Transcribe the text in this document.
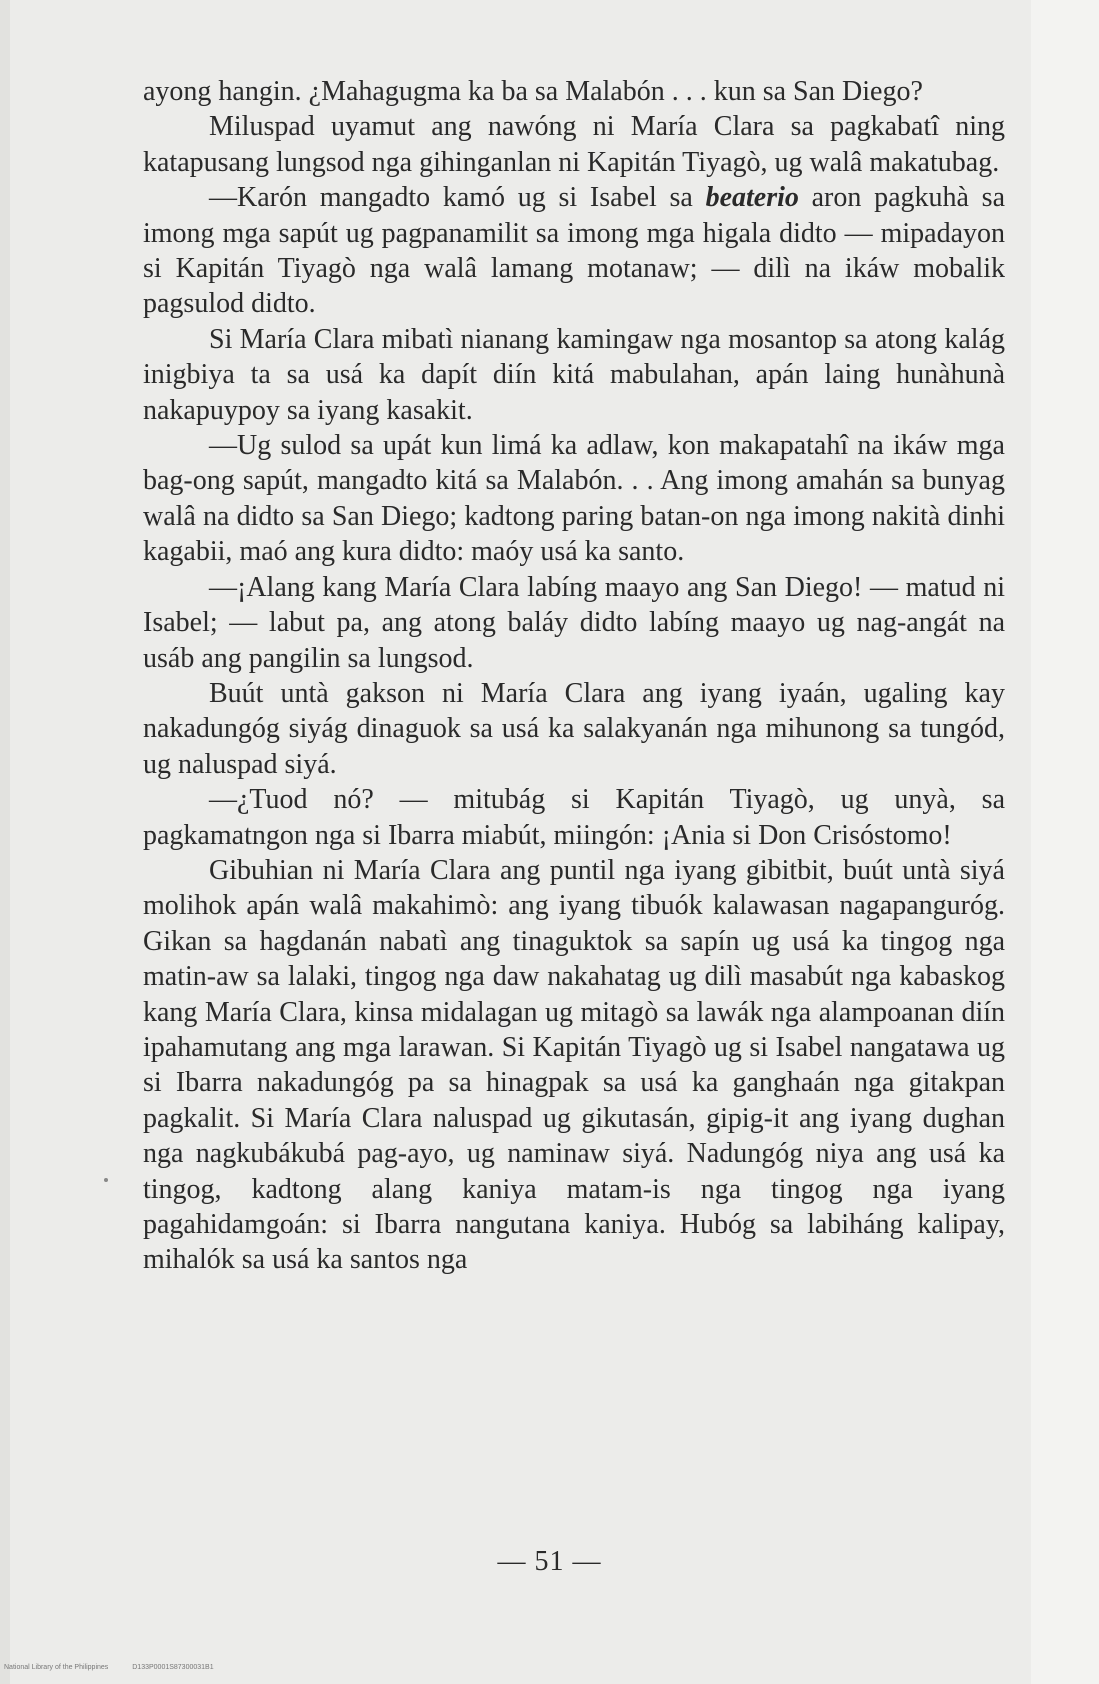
ayong hangin. ¿Mahagugma ka ba sa Malabón . . . kun sa San Diego?

Miluspad uyamut ang nawóng ni María Clara sa pagkabatî ning katapusang lungsod nga gihinganlan ni Kapitán Tiyagò, ug walâ makatubag.

—Karón mangadto kamó ug si Isabel sa beaterio aron pagkuhà sa imong mga sapút ug pagpanamilit sa imong mga higala didto — mipadayon si Kapitán Tiyagò nga walâ lamang motanaw; — dilì na ikáw mobalik pagsulod didto.

Si María Clara mibatì nianang kamingaw nga mosantop sa atong kalág inigbiya ta sa usá ka dapít diín kitá mabulahan, apán laing hunàhunà nakapuypoy sa iyang kasakit.

—Ug sulod sa upát kun limá ka adlaw, kon makapatahî na ikáw mga bag-ong sapút, mangadto kitá sa Malabón. . . Ang imong amahán sa bunyag walâ na didto sa San Diego; kadtong paring batan-on nga imong nakità dinhi kagabii, maó ang kura didto: maóy usá ka santo.

—¡Alang kang María Clara labíng maayo ang San Diego! — matud ni Isabel; — labut pa, ang atong baláy didto labíng maayo ug nag-angát na usáb ang pangilin sa lungsod.

Buút untà gakson ni María Clara ang iyang iyaán, ugaling kay nakadungóg siyág dinaguok sa usá ka salakyanán nga mihunong sa tungód, ug naluspad siyá.

—¿Tuod nó? — mitubág si Kapitán Tiyagò, ug unyà, sa pagkamatngon nga si Ibarra miabút, miingón: ¡Ania si Don Crisóstomo!

Gibuhian ni María Clara ang puntil nga iyang gibitbit, buút untà siyá molihok apán walâ makahimò: ang iyang tibuók kalawasan nagapanguróg. Gikan sa hagdanán nabatì ang tinaguktok sa sapín ug usá ka tingog nga matin-aw sa lalaki, tingog nga daw nakahatag ug dilì masabút nga kabaskog kang María Clara, kinsa midalagan ug mitagò sa lawák nga alampoanan diín ipahamutang ang mga larawan. Si Kapitán Tiyagò ug si Isabel nangatawa ug si Ibarra nakadungóg pa sa hinagpak sa usá ka ganghaán nga gitakpan pagkalit. Si María Clara naluspad ug gikutasán, gipig-it ang iyang dughan nga nagkubákubá pag-ayo, ug naminaw siyá. Nadungóg niya ang usá ka tingog, kadtong alang kaniya matam-is nga tingog nga iyang pagahidamgoán: si Ibarra nangutana kaniya. Hubóg sa labiháng kalipay, mihalók sa usá ka santos nga

— 51 —
National Library of the Philippines	D133P0001S87300031B1
